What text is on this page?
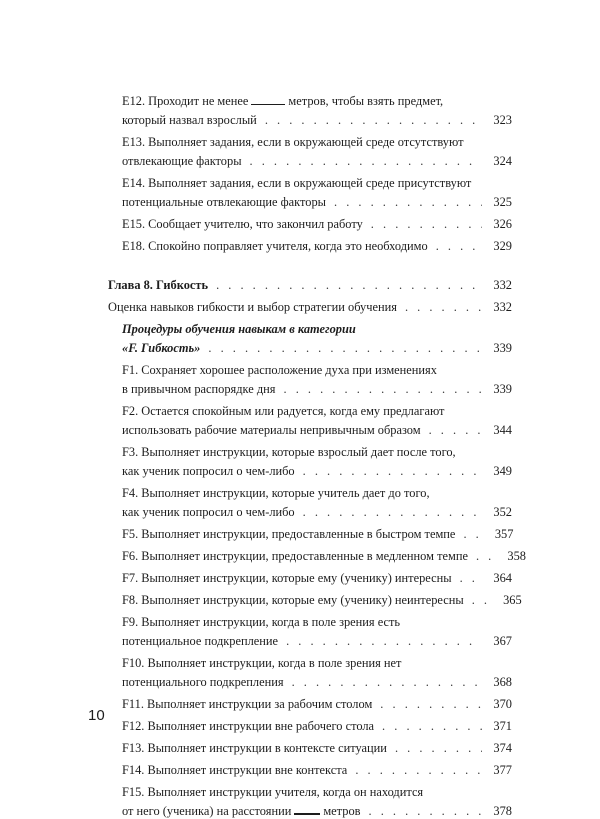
E12. Проходит не менее	метров, чтобы взять предмет,
который назвал взрослый . . .	323
E13. Выполняет задания, если в окружающей среде отсутствуют
отвлекающие факторы . . .	324
E14. Выполняет задания, если в окружающей среде присутствуют
потенциальные отвлекающие факторы . . .	325
E15. Сообщает учителю, что закончил работу . . .	326
E18. Спокойно поправляет учителя, когда это необходимо . . .	329
Глава 8. Гибкость . . .	332
Оценка навыков гибкости и выбор стратегии обучения . . .	332
Процедуры обучения навыкам в категории
«F. Гибкость» . . .	339
F1. Сохраняет хорошее расположение духа при изменениях
в привычном распорядке дня . . .	339
F2. Остается спокойным или радуется, когда ему предлагают
использовать рабочие материалы непривычным образом . . .	344
F3. Выполняет инструкции, которые взрослый дает после того,
как ученик попросил о чем-либо . . .	349
F4. Выполняет инструкции, которые учитель дает до того,
как ученик попросил о чем-либо . . .	352
F5. Выполняет инструкции, предоставленные в быстром темпе . . .	357
F6. Выполняет инструкции, предоставленные в медленном темпе . . .	358
F7. Выполняет инструкции, которые ему (ученику) интересны . . .	364
F8. Выполняет инструкции, которые ему (ученику) неинтересны . . .	365
F9. Выполняет инструкции, когда в поле зрения есть
потенциальное подкрепление . . .	367
F10. Выполняет инструкции, когда в поле зрения нет
потенциального подкрепления . . .	368
F11. Выполняет инструкции за рабочим столом . . .	370
F12. Выполняет инструкции вне рабочего стола . . .	371
F13. Выполняет инструкции в контексте ситуации . . .	374
F14. Выполняет инструкции вне контекста . . .	377
F15. Выполняет инструкции учителя, когда он находится
от него (ученика) на расстоянии	метров . . .	378
10
